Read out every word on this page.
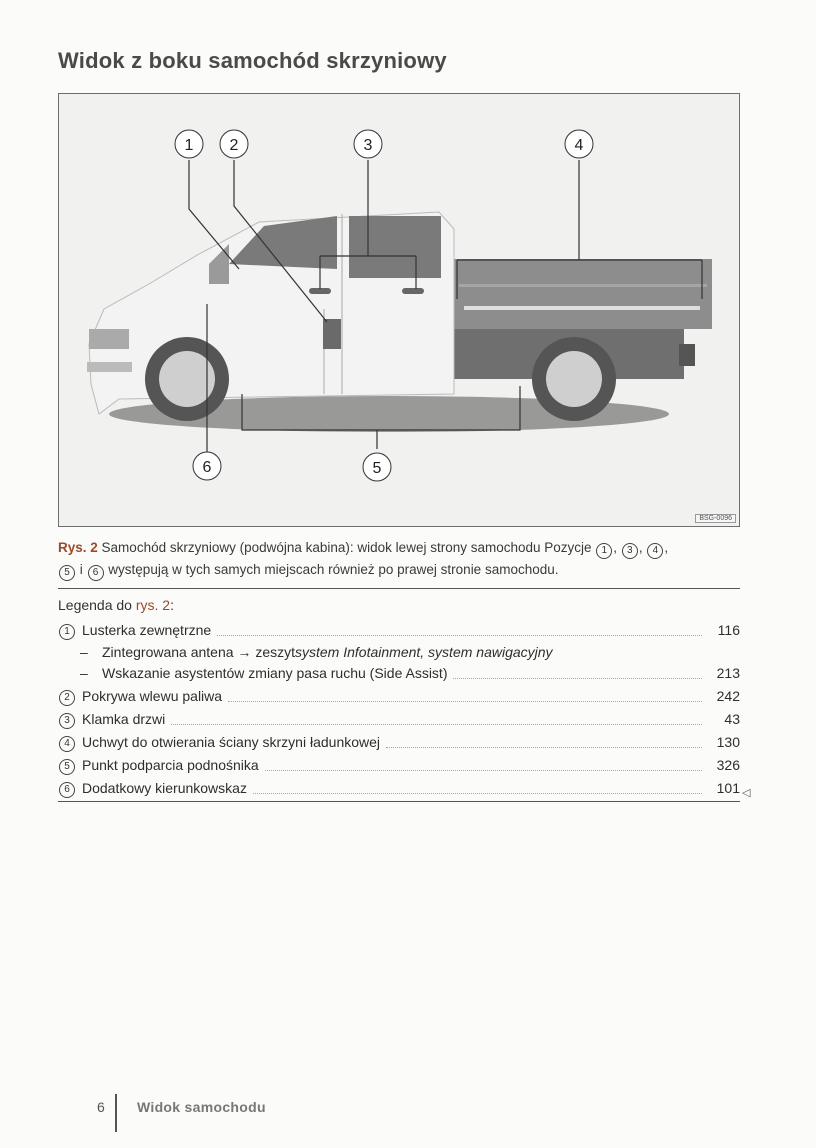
Widok z boku samochód skrzyniowy
1 2	3	4
5
6
BSG-0096
Rys. 2 Samochód skrzyniowy (podwójna kabina): widok lewej strony samochodu Pozycje 1 , 3 , 4 ,
5 i 6 występują w tych samych miejscach również po prawej stronie samochodu.
Legenda do rys. 2:
1 Lusterka zewnętrzne	116
–	Zintegrowana antena → zeszyt system Infotainment, system nawigacyjny
–	Wskazanie asystentów zmiany pasa ruchu (Side Assist)	213
2 Pokrywa wlewu paliwa	242
3 Klamka drzwi	43
4 Uchwyt do otwierania ściany skrzyni ładunkowej	130
5 Punkt podparcia podnośnika	326
6 Dodatkowy kierunkowskaz	101 ◁
6 Widok samochodu
